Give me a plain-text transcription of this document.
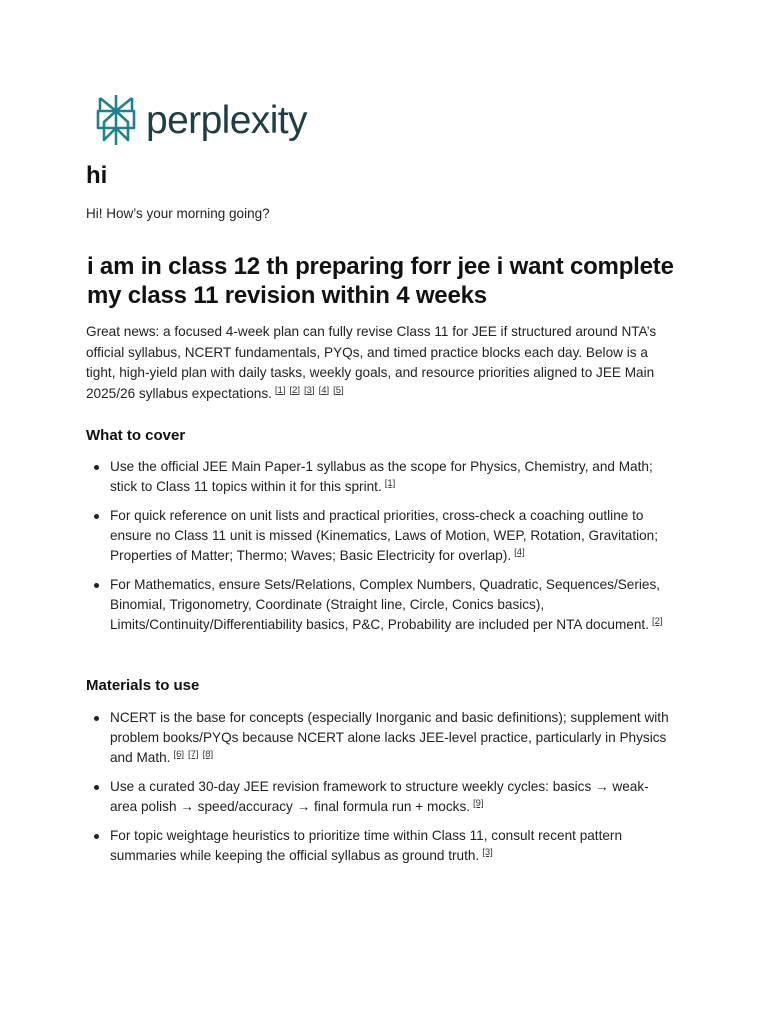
perplexity
hi
Hi! How’s your morning going?
i am in class 12 th preparing forr jee i want complete my class 11 revision within 4 weeks

Great news: a focused 4-week plan can fully revise Class 11 for JEE if structured around NTA’s official syllabus, NCERT fundamentals, PYQs, and timed practice blocks each day. Below is a tight, high-yield plan with daily tasks, weekly goals, and resource priorities aligned to JEE Main 2025/26 syllabus expectations. [1] [2] [3] [4] [5]

What to cover
Use the official JEE Main Paper-1 syllabus as the scope for Physics, Chemistry, and Math; stick to Class 11 topics within it for this sprint. [1]
For quick reference on unit lists and practical priorities, cross-check a coaching outline to ensure no Class 11 unit is missed (Kinematics, Laws of Motion, WEP, Rotation, Gravitation; Properties of Matter; Thermo; Waves; Basic Electricity for overlap). [4]
For Mathematics, ensure Sets/Relations, Complex Numbers, Quadratic, Sequences/Series, Binomial, Trigonometry, Coordinate (Straight line, Circle, Conics basics), Limits/Continuity/Differentiability basics, P&C, Probability are included per NTA document. [2]
Materials to use
NCERT is the base for concepts (especially Inorganic and basic definitions); supplement with problem books/PYQs because NCERT alone lacks JEE-level practice, particularly in Physics and Math. [6] [7] [8]
Use a curated 30-day JEE revision framework to structure weekly cycles: basics → weak-area polish → speed/accuracy → final formula run + mocks. [9]
For topic weightage heuristics to prioritize time within Class 11, consult recent pattern summaries while keeping the official syllabus as ground truth. [3]
